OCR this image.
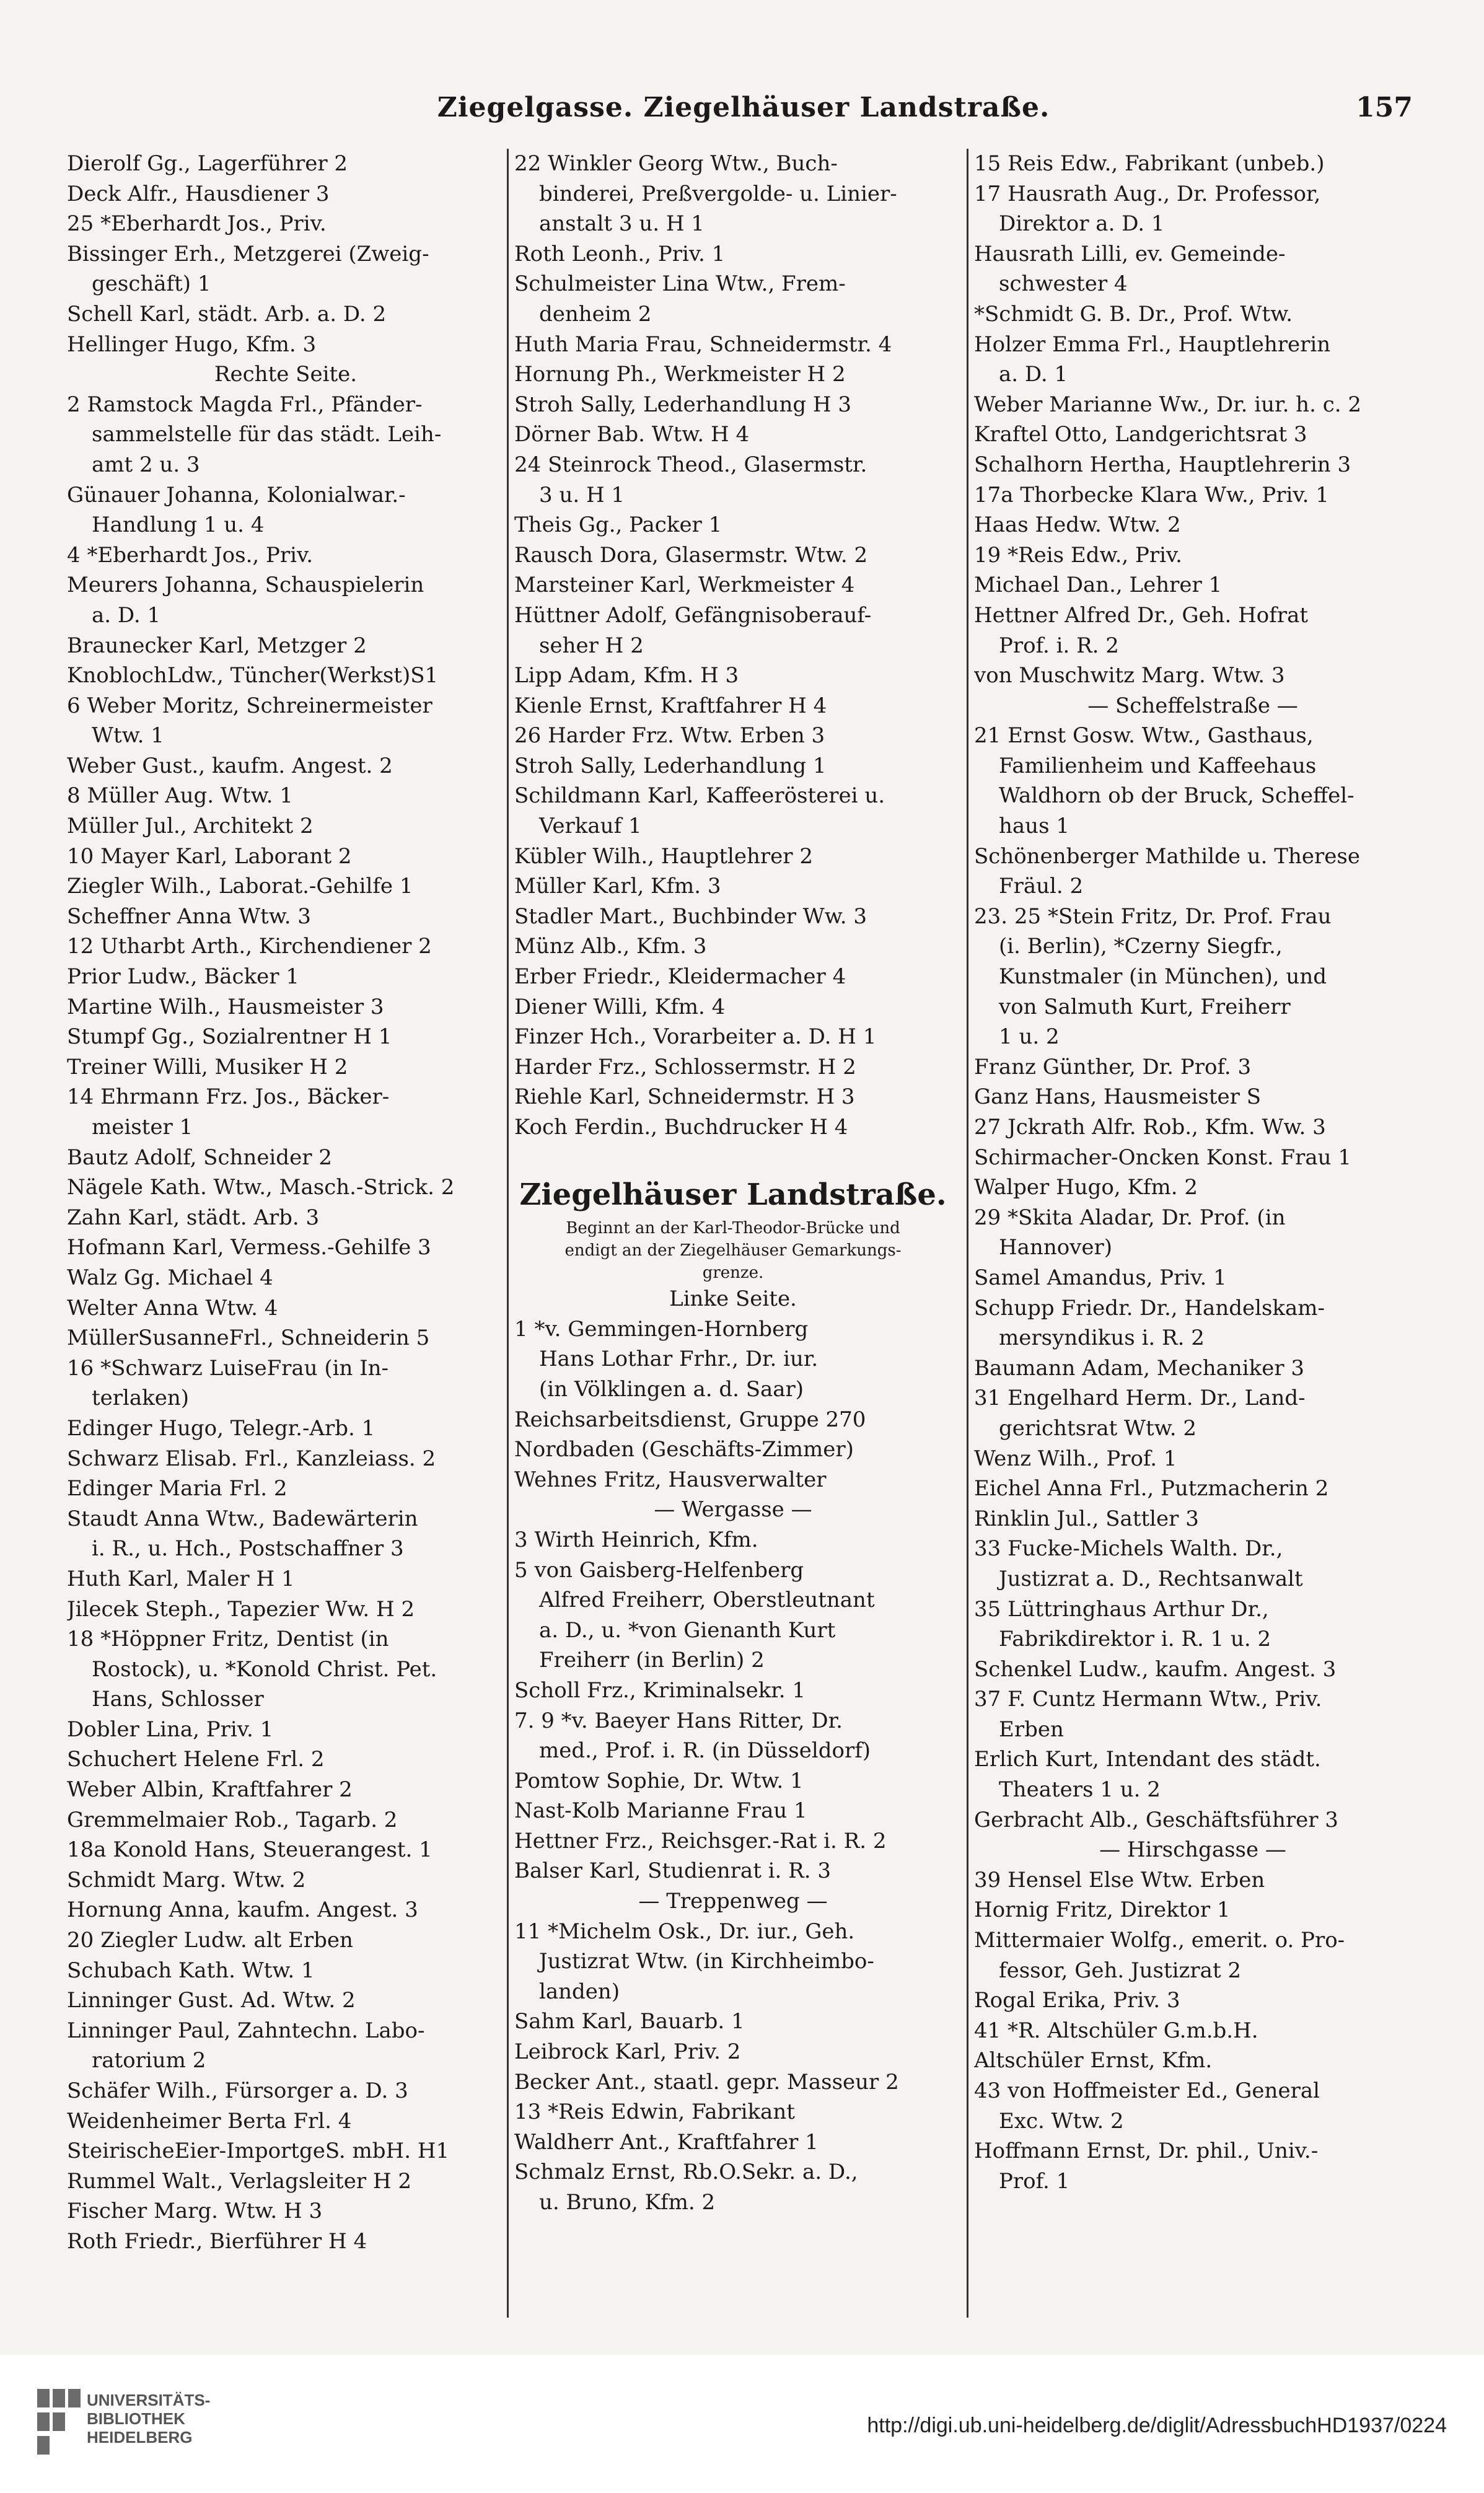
Ziegelgasse. Ziegelhäuser Landstraße.	157
Dierolf Gg., Lagerführer 2
Deck Alfr., Hausdiener 3
25 *Eberhardt Jos., Priv.
Bissinger Erh., Metzgerei (Zweig-
geschäft) 1
Schell Karl, städt. Arb. a. D. 2
Hellinger Hugo, Kfm. 3
Rechte Seite.
2 Ramstock Magda Frl., Pfänder-
sammelstelle für das städt. Leih-
amt 2 u. 3
Günauer Johanna, Kolonialwar.-
Handlung 1 u. 4
4 *Eberhardt Jos., Priv.
Meurers Johanna, Schauspielerin
a. D. 1
Braunecker Karl, Metzger 2
KnoblochLdw., Tüncher(Werkst)S1
6 Weber Moritz, Schreinermeister
Wtw. 1
Weber Gust., kaufm. Angest. 2
8 Müller Aug. Wtw. 1
Müller Jul., Architekt 2
10 Mayer Karl, Laborant 2
Ziegler Wilh., Laborat.-Gehilfe 1
Scheffner Anna Wtw. 3
12 Utharbt Arth., Kirchendiener 2
Prior Ludw., Bäcker 1
Martine Wilh., Hausmeister 3
Stumpf Gg., Sozialrentner H 1
Treiner Willi, Musiker H 2
14 Ehrmann Frz. Jos., Bäcker-
meister 1
Bautz Adolf, Schneider 2
Nägele Kath. Wtw., Masch.-Strick. 2
Zahn Karl, städt. Arb. 3
Hofmann Karl, Vermess.-Gehilfe 3
Walz Gg. Michael 4
Welter Anna Wtw. 4
MüllerSusanneFrl., Schneiderin 5
16 *Schwarz LuiseFrau (in In-
terlaken)
Edinger Hugo, Telegr.-Arb. 1
Schwarz Elisab. Frl., Kanzleiass. 2
Edinger Maria Frl. 2
Staudt Anna Wtw., Badewärterin
i. R., u. Hch., Postschaffner 3
Huth Karl, Maler H 1
Jilecek Steph., Tapezier Ww. H 2
18 *Höppner Fritz, Dentist (in
Rostock), u. *Konold Christ. Pet.
Hans, Schlosser
Dobler Lina, Priv. 1
Schuchert Helene Frl. 2
Weber Albin, Kraftfahrer 2
Gremmelmaier Rob., Tagarb. 2
18a Konold Hans, Steuerangest. 1
Schmidt Marg. Wtw. 2
Hornung Anna, kaufm. Angest. 3
20 Ziegler Ludw. alt Erben
Schubach Kath. Wtw. 1
Linninger Gust. Ad. Wtw. 2
Linninger Paul, Zahntechn. Labo-
ratorium 2
Schäfer Wilh., Fürsorger a. D. 3
Weidenheimer Berta Frl. 4
SteirischeEier-ImportgeS. mbH. H1
Rummel Walt., Verlagsleiter H 2
Fischer Marg. Wtw. H 3
Roth Friedr., Bierführer H 4
22 Winkler Georg Wtw., Buch-
binderei, Preßvergolde- u. Linier-
anstalt 3 u. H 1
Roth Leonh., Priv. 1
Schulmeister Lina Wtw., Frem-
denheim 2
Huth Maria Frau, Schneidermstr. 4
Hornung Ph., Werkmeister H 2
Stroh Sally, Lederhandlung H 3
Dörner Bab. Wtw. H 4
24 Steinrock Theod., Glasermstr.
3 u. H 1
Theis Gg., Packer 1
Rausch Dora, Glasermstr. Wtw. 2
Marsteiner Karl, Werkmeister 4
Hüttner Adolf, Gefängnisoberauf-
seher H 2
Lipp Adam, Kfm. H 3
Kienle Ernst, Kraftfahrer H 4
26 Harder Frz. Wtw. Erben 3
Stroh Sally, Lederhandlung 1
Schildmann Karl, Kaffeerösterei u.
Verkauf 1
Kübler Wilh., Hauptlehrer 2
Müller Karl, Kfm. 3
Stadler Mart., Buchbinder Ww. 3
Münz Alb., Kfm. 3
Erber Friedr., Kleidermacher 4
Diener Willi, Kfm. 4
Finzer Hch., Vorarbeiter a. D. H 1
Harder Frz., Schlossermstr. H 2
Riehle Karl, Schneidermstr. H 3
Koch Ferdin., Buchdrucker H 4
Ziegelhäuser Landstraße.
Beginnt an der Karl-Theodor-Brücke und
endigt an der Ziegelhäuser Gemarkungs-
grenze.
Linke Seite.
1 *v. Gemmingen-Hornberg
Hans Lothar Frhr., Dr. iur.
(in Völklingen a. d. Saar)
Reichsarbeitsdienst, Gruppe 270
Nordbaden (Geschäfts-Zimmer)
Wehnes Fritz, Hausverwalter
— Wergasse —
3 Wirth Heinrich, Kfm.
5 von Gaisberg-Helfenberg
Alfred Freiherr, Oberstleutnant
a. D., u. *von Gienanth Kurt
Freiherr (in Berlin) 2
Scholl Frz., Kriminalsekr. 1
7. 9 *v. Baeyer Hans Ritter, Dr.
med., Prof. i. R. (in Düsseldorf)
Pomtow Sophie, Dr. Wtw. 1
Nast-Kolb Marianne Frau 1
Hettner Frz., Reichsger.-Rat i. R. 2
Balser Karl, Studienrat i. R. 3
— Treppenweg —
11 *Michelm Osk., Dr. iur., Geh.
Justizrat Wtw. (in Kirchheimbo-
landen)
Sahm Karl, Bauarb. 1
Leibrock Karl, Priv. 2
Becker Ant., staatl. gepr. Masseur 2
13 *Reis Edwin, Fabrikant
Waldherr Ant., Kraftfahrer 1
Schmalz Ernst, Rb.O.Sekr. a. D.,
u. Bruno, Kfm. 2
15 Reis Edw., Fabrikant (unbeb.)
17 Hausrath Aug., Dr. Professor,
Direktor a. D. 1
Hausrath Lilli, ev. Gemeinde-
schwester 4
*Schmidt G. B. Dr., Prof. Wtw.
Holzer Emma Frl., Hauptlehrerin
a. D. 1
Weber Marianne Ww., Dr. iur. h. c. 2
Kraftel Otto, Landgerichtsrat 3
Schalhorn Hertha, Hauptlehrerin 3
17a Thorbecke Klara Ww., Priv. 1
Haas Hedw. Wtw. 2
19 *Reis Edw., Priv.
Michael Dan., Lehrer 1
Hettner Alfred Dr., Geh. Hofrat
Prof. i. R. 2
von Muschwitz Marg. Wtw. 3
— Scheffelstraße —
21 Ernst Gosw. Wtw., Gasthaus,
Familienheim und Kaffeehaus
Waldhorn ob der Bruck, Scheffel-
haus 1
Schönenberger Mathilde u. Therese
Fräul. 2
23. 25 *Stein Fritz, Dr. Prof. Frau
(i. Berlin), *Czerny Siegfr.,
Kunstmaler (in München), und
von Salmuth Kurt, Freiherr
1 u. 2
Franz Günther, Dr. Prof. 3
Ganz Hans, Hausmeister S
27 Jckrath Alfr. Rob., Kfm. Ww. 3
Schirmacher-Oncken Konst. Frau 1
Walper Hugo, Kfm. 2
29 *Skita Aladar, Dr. Prof. (in
Hannover)
Samel Amandus, Priv. 1
Schupp Friedr. Dr., Handelskam-
mersyndikus i. R. 2
Baumann Adam, Mechaniker 3
31 Engelhard Herm. Dr., Land-
gerichtsrat Wtw. 2
Wenz Wilh., Prof. 1
Eichel Anna Frl., Putzmacherin 2
Rinklin Jul., Sattler 3
33 Fucke-Michels Walth. Dr.,
Justizrat a. D., Rechtsanwalt
35 Lüttringhaus Arthur Dr.,
Fabrikdirektor i. R. 1 u. 2
Schenkel Ludw., kaufm. Angest. 3
37 F. Cuntz Hermann Wtw., Priv.
Erben
Erlich Kurt, Intendant des städt.
Theaters 1 u. 2
Gerbracht Alb., Geschäftsführer 3
— Hirschgasse —
39 Hensel Else Wtw. Erben
Hornig Fritz, Direktor 1
Mittermaier Wolfg., emerit. o. Pro-
fessor, Geh. Justizrat 2
Rogal Erika, Priv. 3
41 *R. Altschüler G.m.b.H.
Altschüler Ernst, Kfm.
43 von Hoffmeister Ed., General
Exc. Wtw. 2
Hoffmann Ernst, Dr. phil., Univ.-
Prof. 1
UNIVERSITÄTS-
BIBLIOTHEK
HEIDELBERG	http://digi.ub.uni-heidelberg.de/diglit/AdressbuchHD1937/0224
